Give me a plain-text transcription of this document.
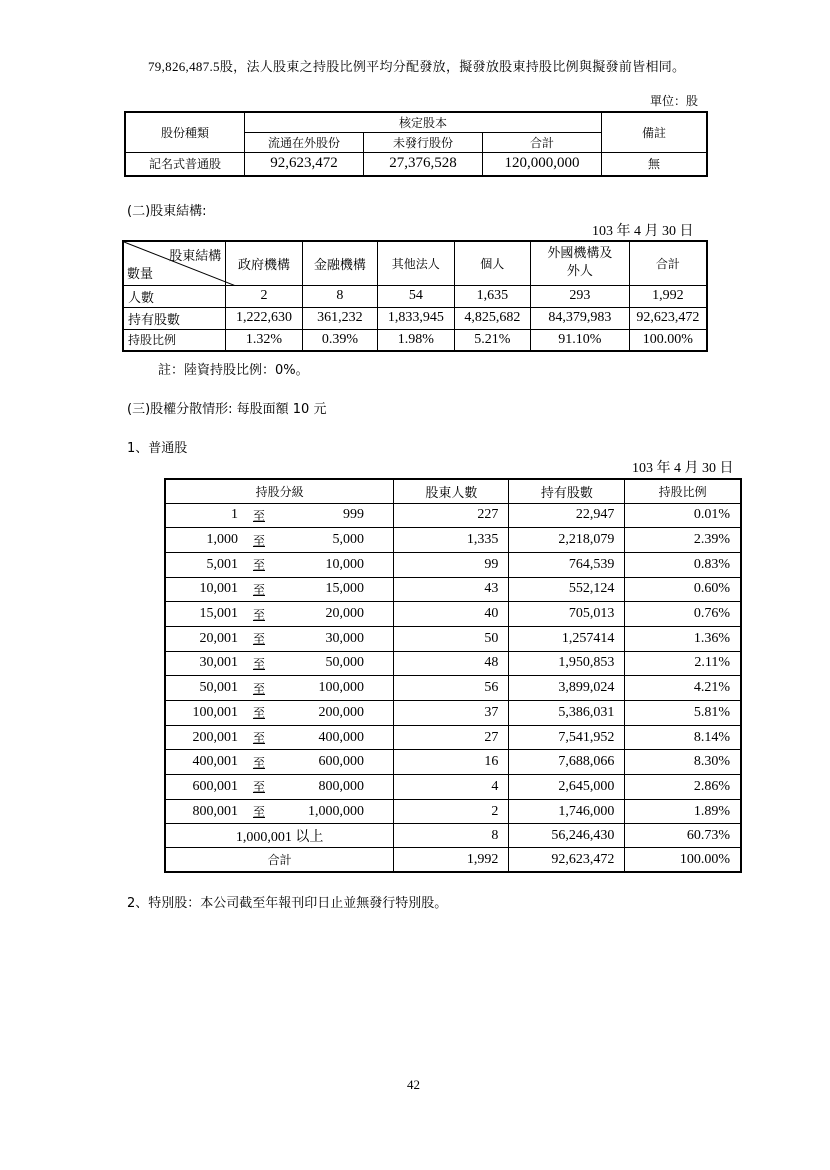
79,826,487.5股，法人股東之持股比例平均分配發放，擬發放股東持股比例與擬發前皆相同。
單位：股
股份種類	核定股本			備註
	流通在外股份	未發行股份	合計	
記名式普通股	92,623,472	27,376,528	120,000,000	無
(二)股東結構:
103 年 4 月 30 日
股東結構
數量	政府機構	金融機構	其他法人	個人	外國機構及外人	合計
人數	2	8	54	1,635	293	1,992
持有股數	1,222,630	361,232	1,833,945	4,825,682	84,379,983	92,623,472
持股比例	1.32%	0.39%	1.98%	5.21%	91.10%	100.00%
註：陸資持股比例：0%。
(三)股權分散情形: 每股面額 10 元
1、普通股
103 年 4 月 30 日
持股分級	股東人數	持有股數	持股比例

1 至 999	227	22,947	0.01%

1,000 至 5,000	1,335	2,218,079	2.39%

5,001 至 10,000	99	764,539	0.83%

10,001 至 15,000	43	552,124	0.60%

15,001 至 20,000	40	705,013	0.76%

20,001 至 30,000	50	1,257414	1.36%

30,001 至 50,000	48	1,950,853	2.11%

50,001 至 100,000	56	3,899,024	4.21%

100,001 至 200,000	37	5,386,031	5.81%

200,001 至 400,000	27	7,541,952	8.14%

400,001 至 600,000	16	7,688,066	8.30%

600,001 至 800,000	4	2,645,000	2.86%

800,001 至 1,000,000	2	1,746,000	1.89%
1,000,001 以上	8	56,246,430	60.73%
合計	1,992	92,623,472	100.00%
2、特別股：本公司截至年報刊印日止並無發行特別股。
42
